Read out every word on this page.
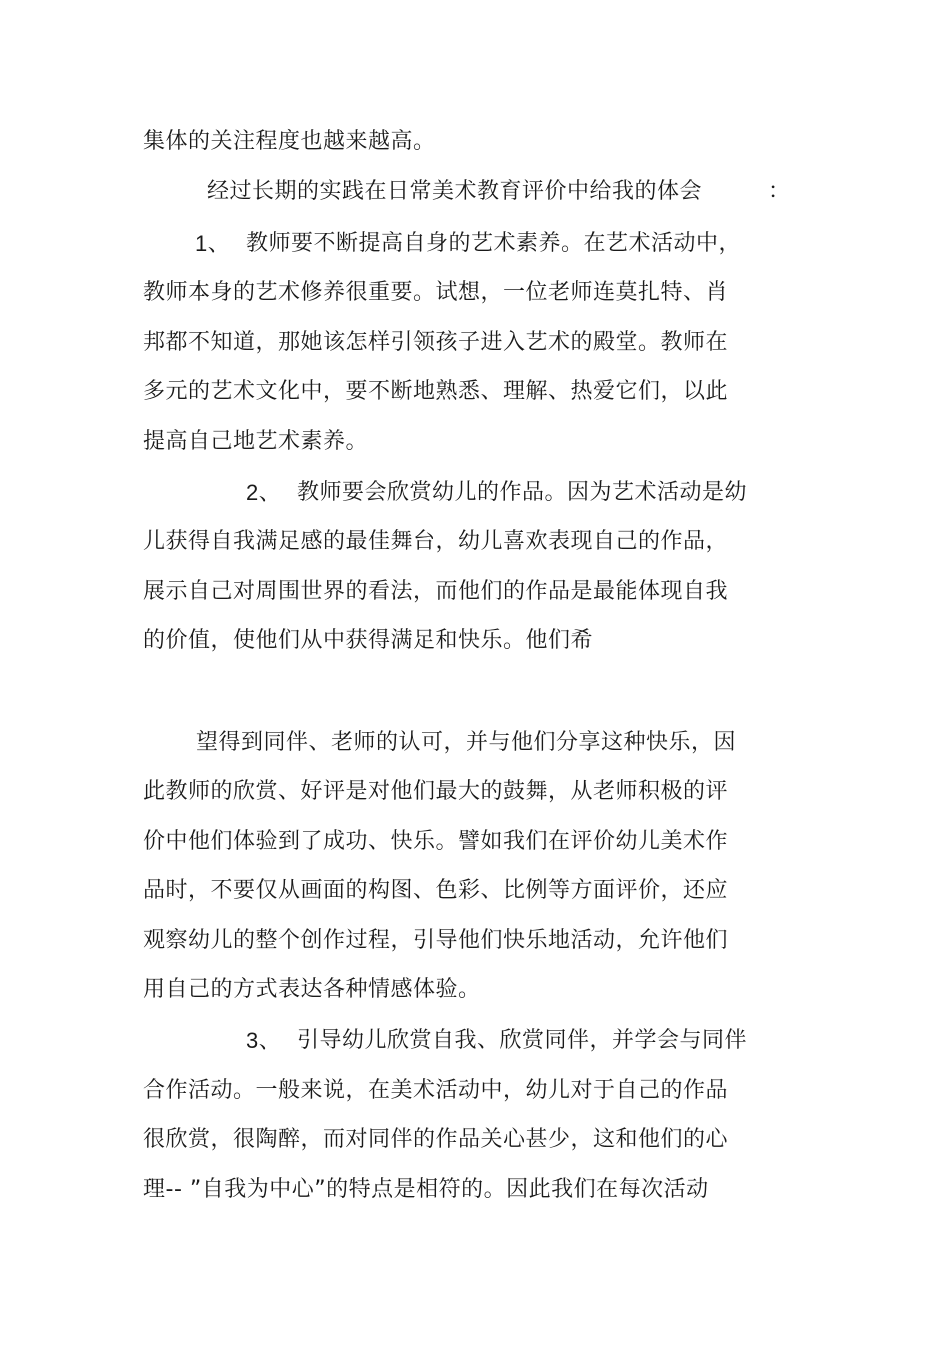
集体的关注程度也越来越高。
经过长期的实践在日常美术教育评价中给我的体会	：
1、 教师要不断提高自身的艺术素养。在艺术活动中，
教师本身的艺术修养很重要。试想，一位老师连莫扎特、肖
邦都不知道，那她该怎样引领孩子进入艺术的殿堂。教师在
多元的艺术文化中，要不断地熟悉、理解、热爱它们，以此
提高自己地艺术素养。
2、 教师要会欣赏幼儿的作品。因为艺术活动是幼
儿获得自我满足感的最佳舞台，幼儿喜欢表现自己的作品，
展示自己对周围世界的看法，而他们的作品是最能体现自我
的价值，使他们从中获得满足和快乐。他们希
望得到同伴、老师的认可，并与他们分享这种快乐，因
此教师的欣赏、好评是对他们最大的鼓舞，从老师积极的评
价中他们体验到了成功、快乐。譬如我们在评价幼儿美术作
品时，不要仅从画面的构图、色彩、比例等方面评价，还应
观察幼儿的整个创作过程，引导他们快乐地活动，允许他们
用自己的方式表达各种情感体验。
3、 引导幼儿欣赏自我、欣赏同伴，并学会与同伴
合作活动。一般来说，在美术活动中，幼儿对于自己的作品
很欣赏，很陶醉，而对同伴的作品关心甚少，这和他们的心
理-- ”自我为中心”的特点是相符的。因此我们在每次活动
